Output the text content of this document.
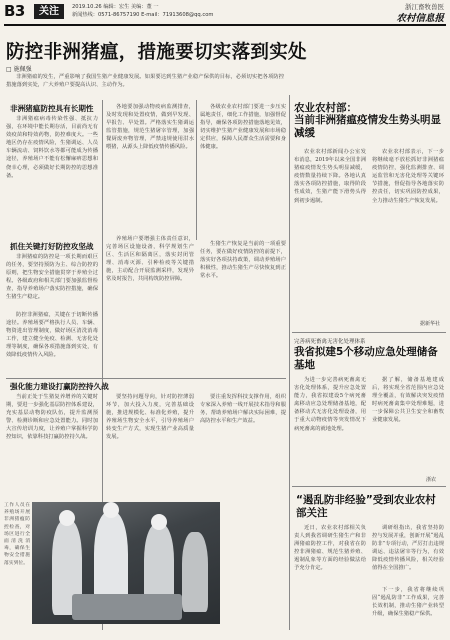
B3	关注	2019.10.26 编辑：宏生 美编：董 一
新闻热线：0571-86757190 E-mail：71913608@qq.com
浙江畜牧兽医
农村信息报
防控非洲猪瘟，措施要切实落到实处
□ 施佩强
非洲猪瘟的发生，严重影响了我国生猪产业健康发展。如果要达到生猪产业稳产保供的目标，必须切实把各项防控措施落到实处，广大养殖户要提高认识、主动作为。
非洲猪瘟防控具有长期性
非洲猪瘟病毒传染性强、抵抗力强，在环境中能长期存活，目前尚无有效疫苗和特效药物，防控难度大。一些地区仍存在疫情风险，生猪调运、人员车辆流动、饲料饮水等都可能成为传播途径，养殖场户不能有松懈麻痹思想和侥幸心理，必须做好长期防控的思想准备。
抓住关键打好防控攻坚战
非洲猪瘟的防控是一项长期而艰巨的任务，要坚持预防为主、综合防控的原则，把生物安全措施贯穿于养殖全过程。各级政府和相关部门要加强监督检查，指导养殖场户落实防控措施，确保生猪生产稳定。
防控非洲猪瘟，关键在于切断传播途径。养殖场要严格执行人员、车辆、物资进出管理制度，做好场区清洗消毒工作，建立健全免疫、检测、无害化处理等制度，确保各项措施落到实处，有效降低疫情传入风险。
强化能力建设打赢防控持久战
当前正处于生猪复养增养的关键时期，要进一步强化基层防控体系建设，充实基层动物防疫队伍，提升监测预警、检测诊断和应急处置能力。同时加大宣传培训力度，让养殖户掌握科学防控知识，依靠科技打赢防控持久战。
各地要加强动物疫病监测排查，及时发现和处置疫情，做到早发现、早报告、早处置。严格落实生猪调运监管措施，规范生猪屠宰管理，加强餐厨废弃物管理，严禁违规使用泔水喂猪，从源头上降低疫情传播风险。
养殖场户要增强主体责任意识，完善场区设施设备，科学规划生产区、生活区和隔离区，落实封闭管理、消毒灭源、引种检疫等关键措施，主动配合开展监测采样，发现异常及时报告，共同构筑防控屏障。
要坚持问题导向，针对防控薄弱环节，加大投入力度，完善基础设施，推进规模化、标准化养殖，提升养殖场生物安全水平，引导养殖场户转变生产方式，实现生猪产业高质量发展。
各级农业农村部门要进一步压实属地责任，细化工作措施，加强督促指导，确保各项防控措施落地见效，切实维护生猪产业健康发展和市场稳定供应，保障人民群众生活需要和身体健康。
生猪生产恢复是当前的一项重要任务，要在做好疫情防控的前提下，落实好各项扶持政策，调动养殖场户积极性，推动生猪生产尽快恢复到正常水平。
要注重发挥科技支撑作用，组织专家深入养殖一线开展技术指导和服务，帮助养殖场户解决实际困难，提高防控水平和生产效益。
工作人员在养殖场开展非洲猪瘟防控检查，对场区进行全面清洗消毒，确保生物安全措施落实到位。
农业农村部：
当前非洲猪瘟疫情发生势头明显减缓
农业农村部新闻办公室发布消息，2019年以来全国非洲猪瘟疫情发生势头明显减缓，疫情数量持续下降。各地认真落实各项防控措施，取得阶段性成效，生猪产能下滑势头得到初步遏制。
农业农村部表示，下一步将继续毫不放松抓好非洲猪瘟疫情防控，强化监测排查、调运监管和无害化处理等关键环节措施，督促指导各地落实防控责任，切实巩固防控成果，全力推动生猪生产恢复发展。
据新华社
完善病死畜禽无害化处理体系
我省拟建5个移动应急处理储备基地
为进一步完善病死畜禽无害化处理体系，提升应急处置能力，我省拟建设5个病死畜禽移动应急处理储备基地，配备移动式无害化处理设备，用于重大动物疫情等突发情况下病死畜禽的就地处理。
据了解，储备基地建成后，将实现全省范围内应急处理全覆盖，有效解决突发疫情时病死畜禽集中处理难题，进一步保障公共卫生安全和畜牧业健康发展。
浙农
“遏乱防非经验”受到农业农村部关注
近日，农业农村部相关负责人到我省调研生猪生产和非洲猪瘟防控工作，对我省在防控非洲猪瘟、规范生猪养殖、遏制乱象等方面的经验做法给予充分肯定。
调研组指出，我省坚持防控与发展并重，创新开展“遏乱防非”专项行动，严厉打击违规调运、违法屠宰等行为，有效降低疫情传播风险，相关经验值得在全国推广。
下一步，我省将继续巩固“遏乱防非”工作成果，完善长效机制，推动生猪产业转型升级，确保生猪稳产保供。
